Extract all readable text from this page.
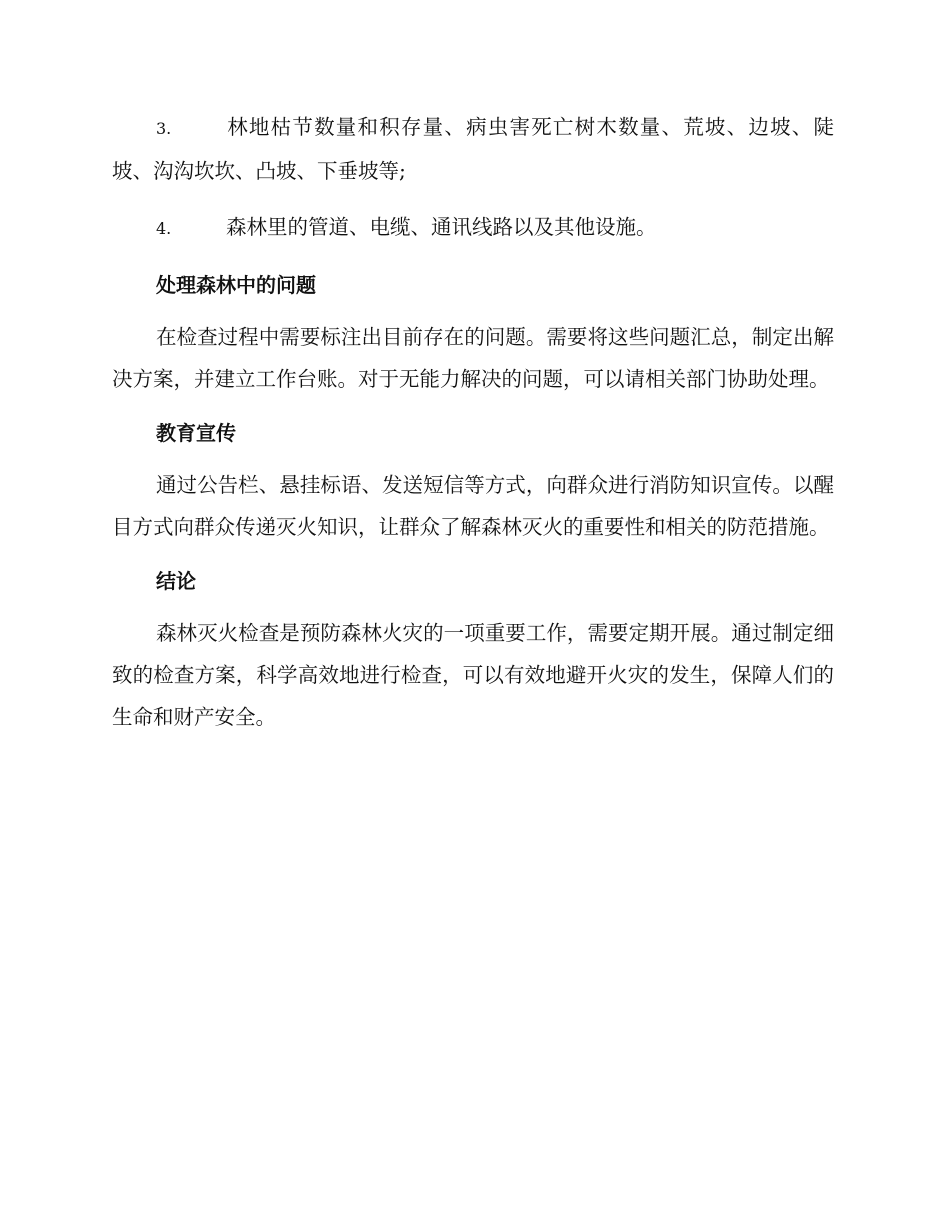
3.	林地枯节数量和积存量、病虫害死亡树木数量、荒坡、边坡、陡坡、沟沟坎坎、凸坡、下垂坡等;
4.	森林里的管道、电缆、通讯线路以及其他设施。
处理森林中的问题

在检查过程中需要标注出目前存在的问题。需要将这些问题汇总，制定出解决方案，并建立工作台账。对于无能力解决的问题，可以请相关部门协助处理。

教育宣传

通过公告栏、悬挂标语、发送短信等方式，向群众进行消防知识宣传。以醒目方式向群众传递灭火知识，让群众了解森林灭火的重要性和相关的防范措施。

结论

森林灭火检查是预防森林火灾的一项重要工作，需要定期开展。通过制定细致的检查方案，科学高效地进行检查，可以有效地避开火灾的发生，保障人们的生命和财产安全。
